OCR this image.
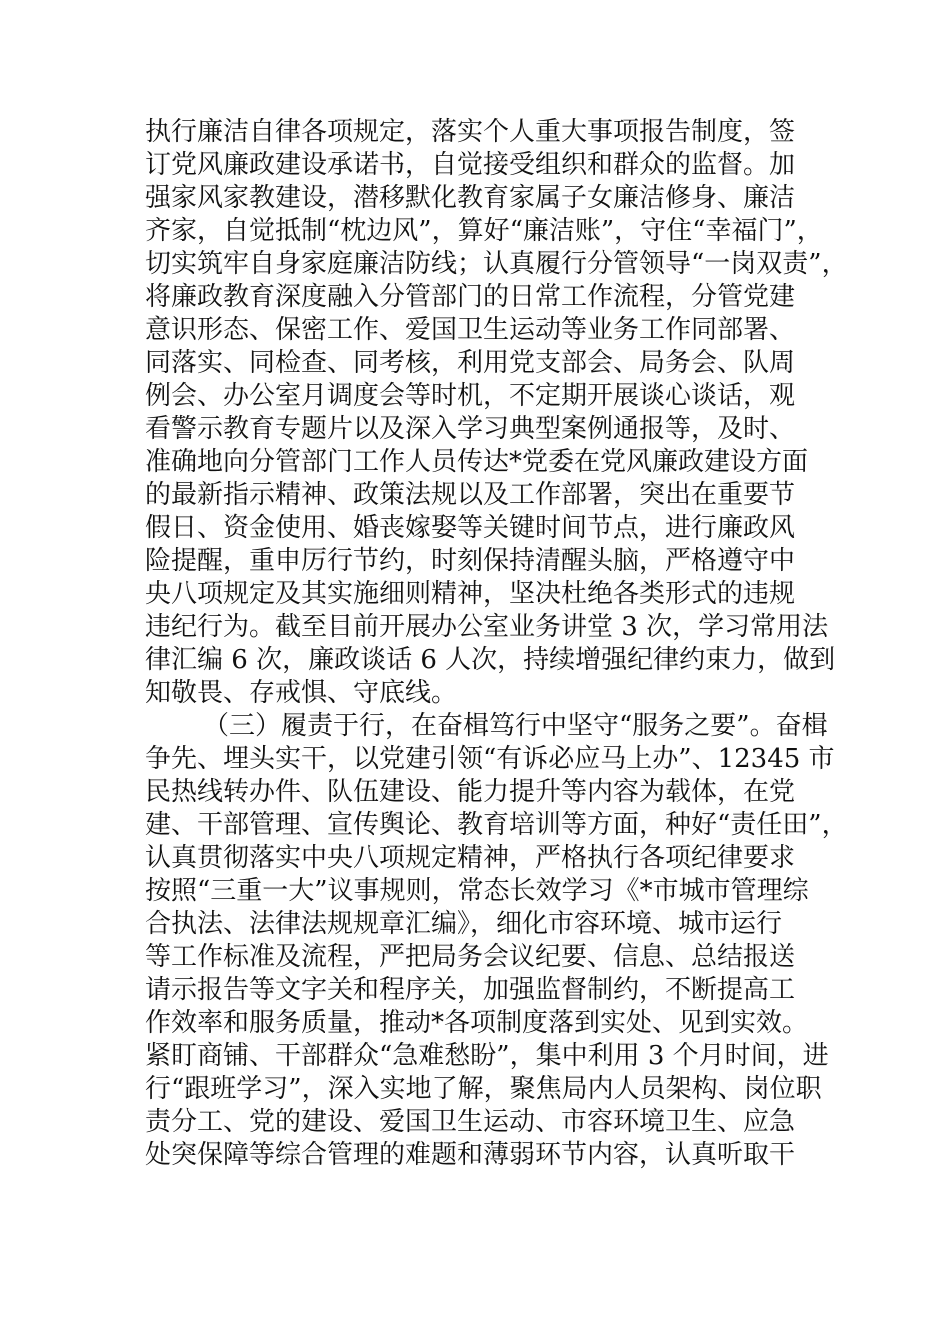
执行廉洁自律各项规定，落实个人重大事项报告制度，签
订党风廉政建设承诺书，自觉接受组织和群众的监督。加
强家风家教建设，潜移默化教育家属子女廉洁修身、廉洁
齐家，自觉抵制“枕边风”，算好“廉洁账”，守住“幸福门”，
切实筑牢自身家庭廉洁防线；认真履行分管领导“一岗双责”，
将廉政教育深度融入分管部门的日常工作流程，分管党建
意识形态、保密工作、爱国卫生运动等业务工作同部署、
同落实、同检查、同考核，利用党支部会、局务会、队周
例会、办公室月调度会等时机，不定期开展谈心谈话，观
看警示教育专题片以及深入学习典型案例通报等，及时、
准确地向分管部门工作人员传达*党委在党风廉政建设方面
的最新指示精神、政策法规以及工作部署，突出在重要节
假日、资金使用、婚丧嫁娶等关键时间节点，进行廉政风
险提醒，重申厉行节约，时刻保持清醒头脑，严格遵守中
央八项规定及其实施细则精神，坚决杜绝各类形式的违规
违纪行为。截至目前开展办公室业务讲堂 3 次，学习常用法
律汇编 6 次，廉政谈话 6 人次，持续增强纪律约束力，做到
知敬畏、存戒惧、守底线。
（三）履责于行，在奋楫笃行中坚守“服务之要”。奋楫
争先、埋头实干，以党建引领“有诉必应马上办”、12345 市
民热线转办件、队伍建设、能力提升等内容为载体，在党
建、干部管理、宣传舆论、教育培训等方面，种好“责任田”，
认真贯彻落实中央八项规定精神，严格执行各项纪律要求
按照“三重一大”议事规则，常态长效学习《*市城市管理综
合执法、法律法规规章汇编》，细化市容环境、城市运行
等工作标准及流程，严把局务会议纪要、信息、总结报送
请示报告等文字关和程序关，加强监督制约，不断提高工
作效率和服务质量，推动*各项制度落到实处、见到实效。
紧盯商铺、干部群众“急难愁盼”，集中利用 3 个月时间，进
行“跟班学习”，深入实地了解，聚焦局内人员架构、岗位职
责分工、党的建设、爱国卫生运动、市容环境卫生、应急
处突保障等综合管理的难题和薄弱环节内容，认真听取干
